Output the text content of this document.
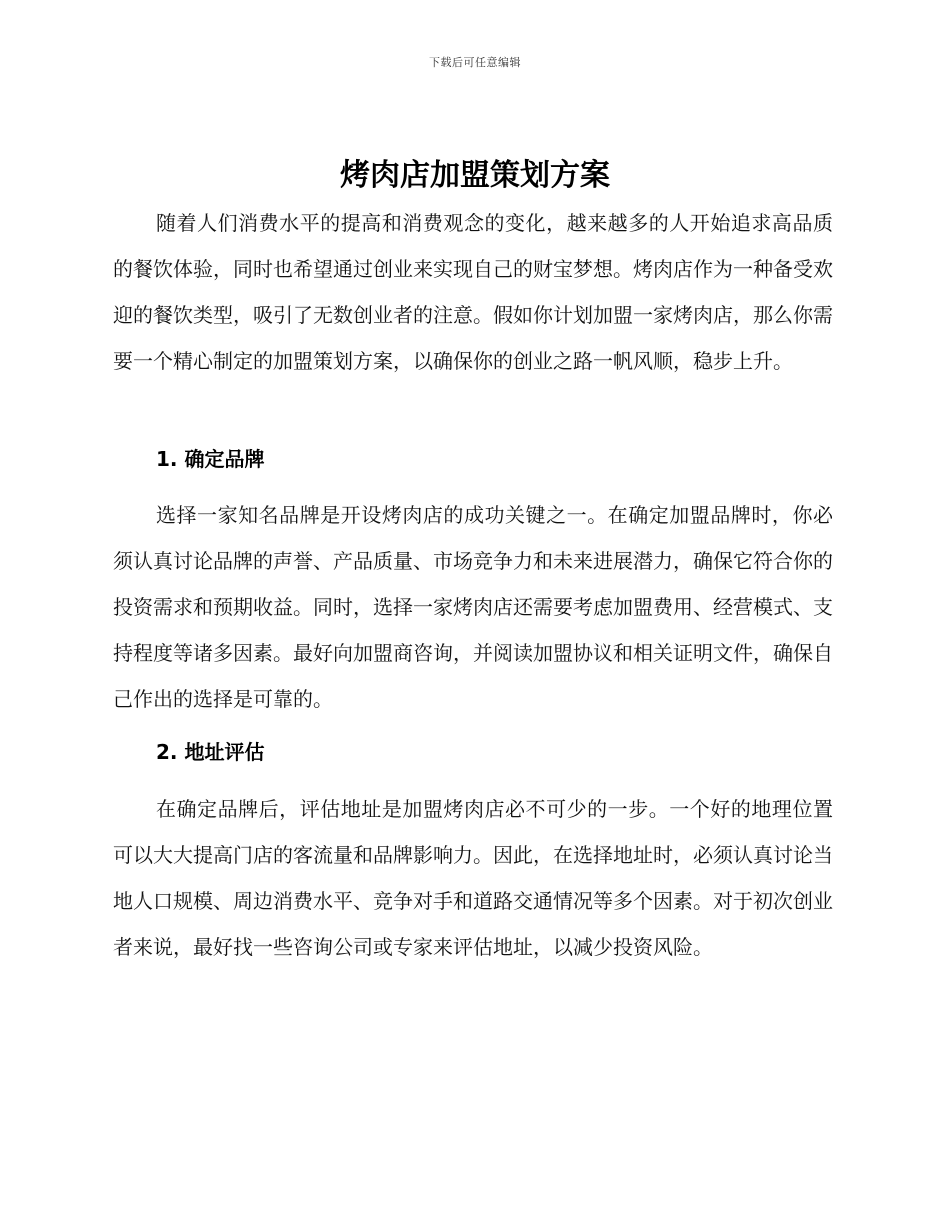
下载后可任意编辑
烤肉店加盟策划方案

随着人们消费水平的提高和消费观念的变化，越来越多的人开始追求高品质的餐饮体验，同时也希望通过创业来实现自己的财宝梦想。烤肉店作为一种备受欢迎的餐饮类型，吸引了无数创业者的注意。假如你计划加盟一家烤肉店，那么你需要一个精心制定的加盟策划方案，以确保你的创业之路一帆风顺，稳步上升。

1. 确定品牌

选择一家知名品牌是开设烤肉店的成功关键之一。在确定加盟品牌时，你必须认真讨论品牌的声誉、产品质量、市场竞争力和未来进展潜力，确保它符合你的投资需求和预期收益。同时，选择一家烤肉店还需要考虑加盟费用、经营模式、支持程度等诸多因素。最好向加盟商咨询，并阅读加盟协议和相关证明文件，确保自己作出的选择是可靠的。

2. 地址评估

在确定品牌后，评估地址是加盟烤肉店必不可少的一步。一个好的地理位置可以大大提高门店的客流量和品牌影响力。因此，在选择地址时，必须认真讨论当地人口规模、周边消费水平、竞争对手和道路交通情况等多个因素。对于初次创业者来说，最好找一些咨询公司或专家来评估地址，以减少投资风险。
